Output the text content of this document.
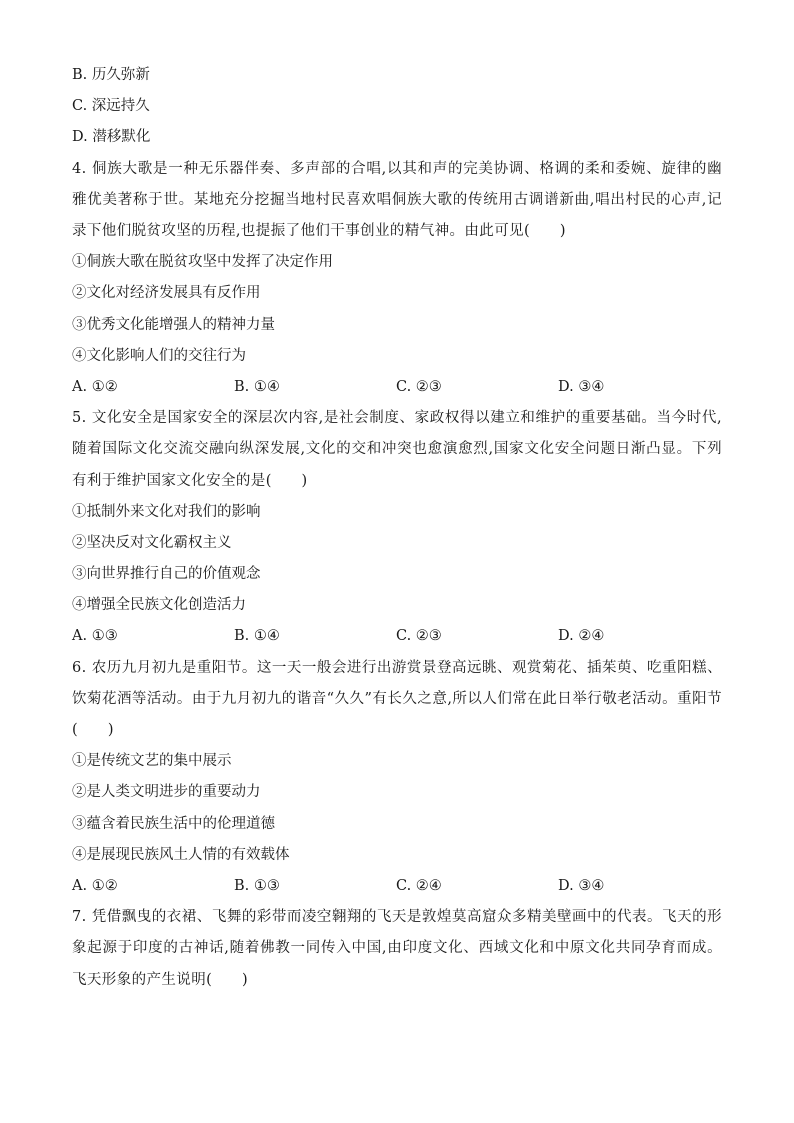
B. 历久弥新
C. 深远持久
D. 潜移默化
4. 侗族大歌是一种无乐器伴奏、多声部的合唱,以其和声的完美协调、格调的柔和委婉、旋律的幽雅优美著称于世。某地充分挖掘当地村民喜欢唱侗族大歌的传统用古调谱新曲,唱出村民的心声,记录下他们脱贫攻坚的历程,也提振了他们干事创业的精气神。由此可见(　　)
①侗族大歌在脱贫攻坚中发挥了决定作用
②文化对经济发展具有反作用
③优秀文化能增强人的精神力量
④文化影响人们的交往行为
A. ①②	B. ①④	C. ②③	D. ③④
5. 文化安全是国家安全的深层次内容,是社会制度、家政权得以建立和维护的重要基础。当今时代,随着国际文化交流交融向纵深发展,文化的交和冲突也愈演愈烈,国家文化安全问题日渐凸显。下列有利于维护国家文化安全的是(　　)
①抵制外来文化对我们的影响
②坚决反对文化霸权主义
③向世界推行自己的价值观念
④增强全民族文化创造活力
A. ①③	B. ①④	C. ②③	D. ②④
6. 农历九月初九是重阳节。这一天一般会进行出游赏景登高远眺、观赏菊花、插茱萸、吃重阳糕、饮菊花酒等活动。由于九月初九的谐音“久久”有长久之意,所以人们常在此日举行敬老活动。重阳节(　　)
①是传统文艺的集中展示
②是人类文明进步的重要动力
③蕴含着民族生活中的伦理道德
④是展现民族风土人情的有效载体
A. ①②	B. ①③	C. ②④	D. ③④
7. 凭借飘曳的衣裙、飞舞的彩带而凌空翱翔的飞天是敦煌莫高窟众多精美壁画中的代表。飞天的形象起源于印度的古神话,随着佛教一同传入中国,由印度文化、西域文化和中原文化共同孕育而成。飞天形象的产生说明(　　)
